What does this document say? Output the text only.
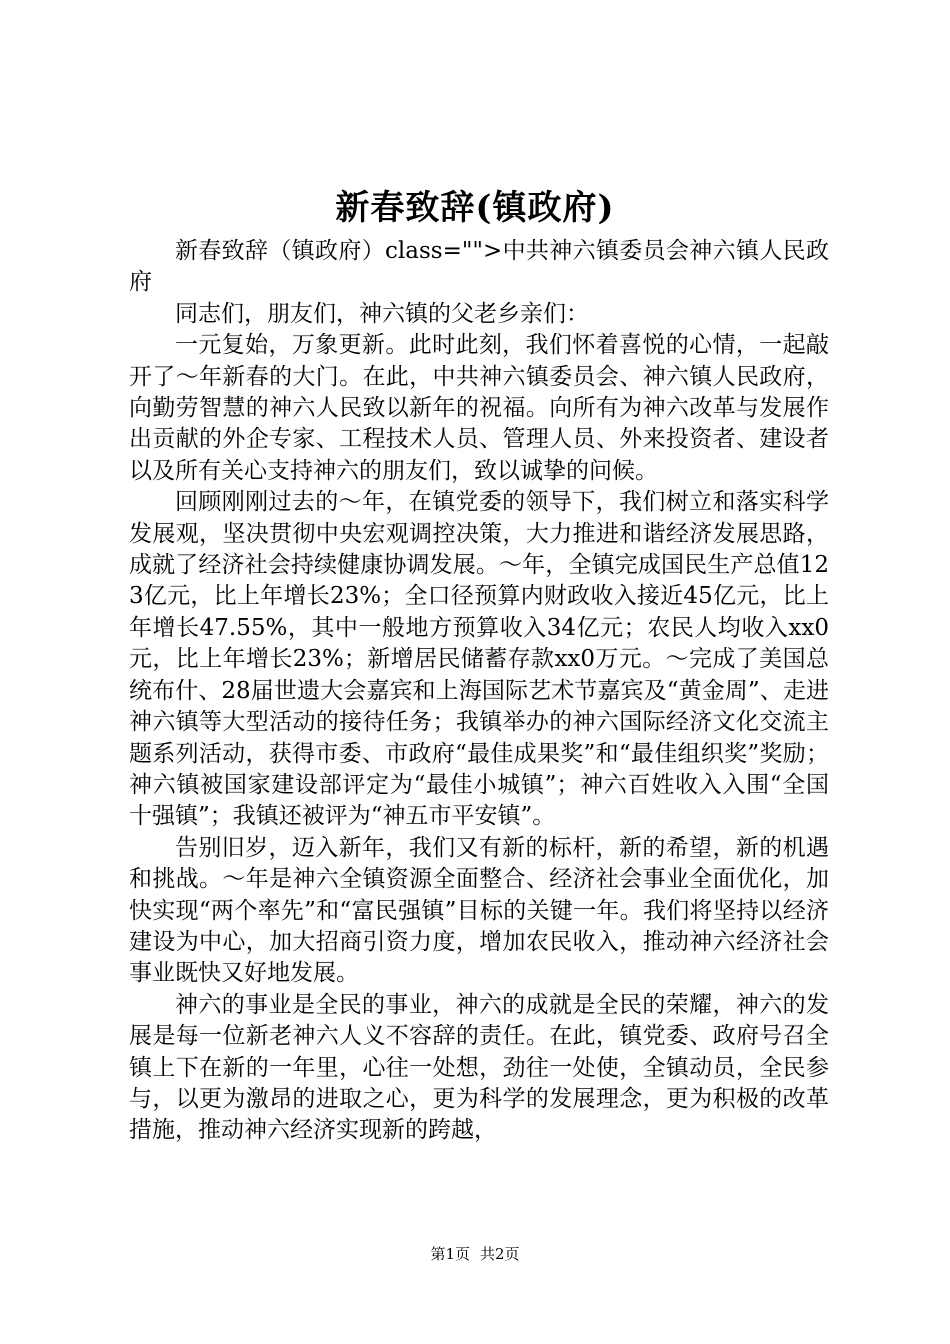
新春致辞(镇政府)

新春致辞（镇政府）class="">中共神六镇委员会神六镇人民政府

同志们，朋友们，神六镇的父老乡亲们：

一元复始，万象更新。此时此刻，我们怀着喜悦的心情，一起敲开了～年新春的大门。在此，中共神六镇委员会、神六镇人民政府，向勤劳智慧的神六人民致以新年的祝福。向所有为神六改革与发展作出贡献的外企专家、工程技术人员、管理人员、外来投资者、建设者以及所有关心支持神六的朋友们，致以诚挚的问候。

回顾刚刚过去的～年，在镇党委的领导下，我们树立和落实科学发展观，坚决贯彻中央宏观调控决策，大力推进和谐经济发展思路，成就了经济社会持续健康协调发展。～年，全镇完成国民生产总值123亿元，比上年增长23%；全口径预算内财政收入接近45亿元，比上年增长47.55%，其中一般地方预算收入34亿元；农民人均收入xx0元，比上年增长23%；新增居民储蓄存款xx0万元。～完成了美国总统布什、28届世遗大会嘉宾和上海国际艺术节嘉宾及“黄金周”、走进神六镇等大型活动的接待任务；我镇举办的神六国际经济文化交流主题系列活动，获得市委、市政府“最佳成果奖”和“最佳组织奖”奖励；神六镇被国家建设部评定为“最佳小城镇”；神六百姓收入入围“全国十强镇”；我镇还被评为“神五市平安镇”。

告别旧岁，迈入新年，我们又有新的标杆，新的希望，新的机遇和挑战。～年是神六全镇资源全面整合、经济社会事业全面优化，加快实现“两个率先”和“富民强镇”目标的关键一年。我们将坚持以经济建设为中心，加大招商引资力度，增加农民收入，推动神六经济社会事业既快又好地发展。

神六的事业是全民的事业，神六的成就是全民的荣耀，神六的发展是每一位新老神六人义不容辞的责任。在此，镇党委、政府号召全镇上下在新的一年里，心往一处想，劲往一处使，全镇动员，全民参与，以更为激昂的进取之心，更为科学的发展理念，更为积极的改革措施，推动神六经济实现新的跨越，

第1页 共2页
